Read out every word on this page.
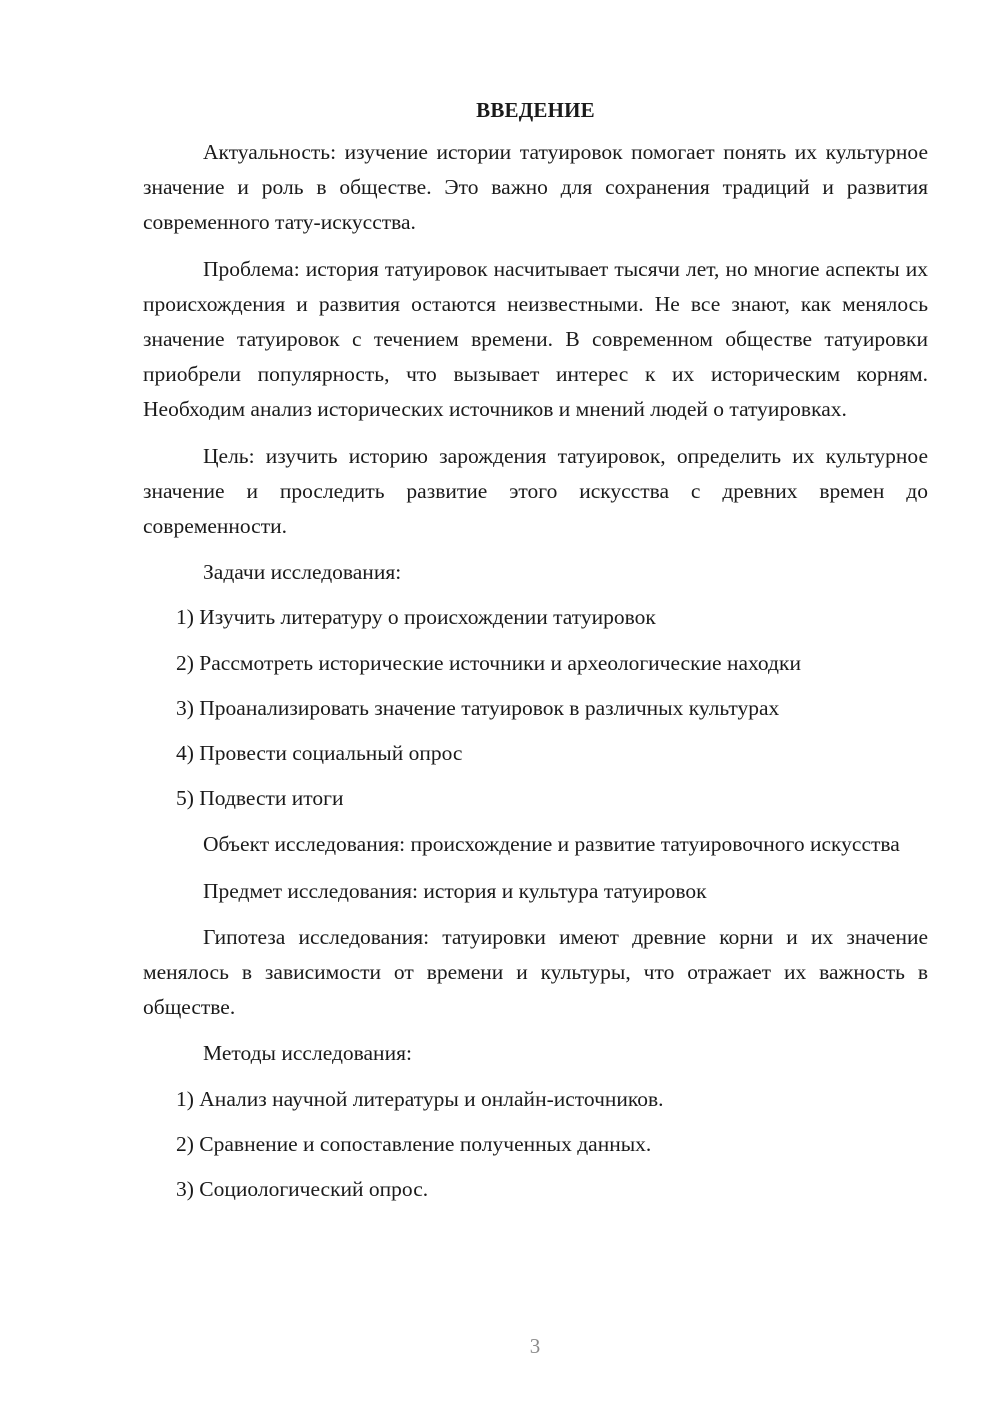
ВВЕДЕНИЕ

Актуальность: изучение истории татуировок помогает понять их культурное значение и роль в обществе. Это важно для сохранения традиций и развития современного тату-искусства.

Проблема: история татуировок насчитывает тысячи лет, но многие аспекты их происхождения и развития остаются неизвестными. Не все знают, как менялось значение татуировок с течением времени. В современном обществе татуировки приобрели популярность, что вызывает интерес к их историческим корням. Необходим анализ исторических источников и мнений людей о татуировках.

Цель: изучить историю зарождения татуировок, определить их культурное значение и проследить развитие этого искусства с древних времен до современности.

Задачи исследования:
1) Изучить литературу о происхождении татуировок
2) Рассмотреть исторические источники и археологические находки
3) Проанализировать значение татуировок в различных культурах
4) Провести социальный опрос
5) Подвести итоги

Объект исследования: происхождение и развитие татуировочного искусства

Предмет исследования: история и культура татуировок

Гипотеза исследования: татуировки имеют древние корни и их значение менялось в зависимости от времени и культуры, что отражает их важность в обществе.

Методы исследования:
1) Анализ научной литературы и онлайн-источников.
2) Сравнение и сопоставление полученных данных.
3) Социологический опрос.
3
